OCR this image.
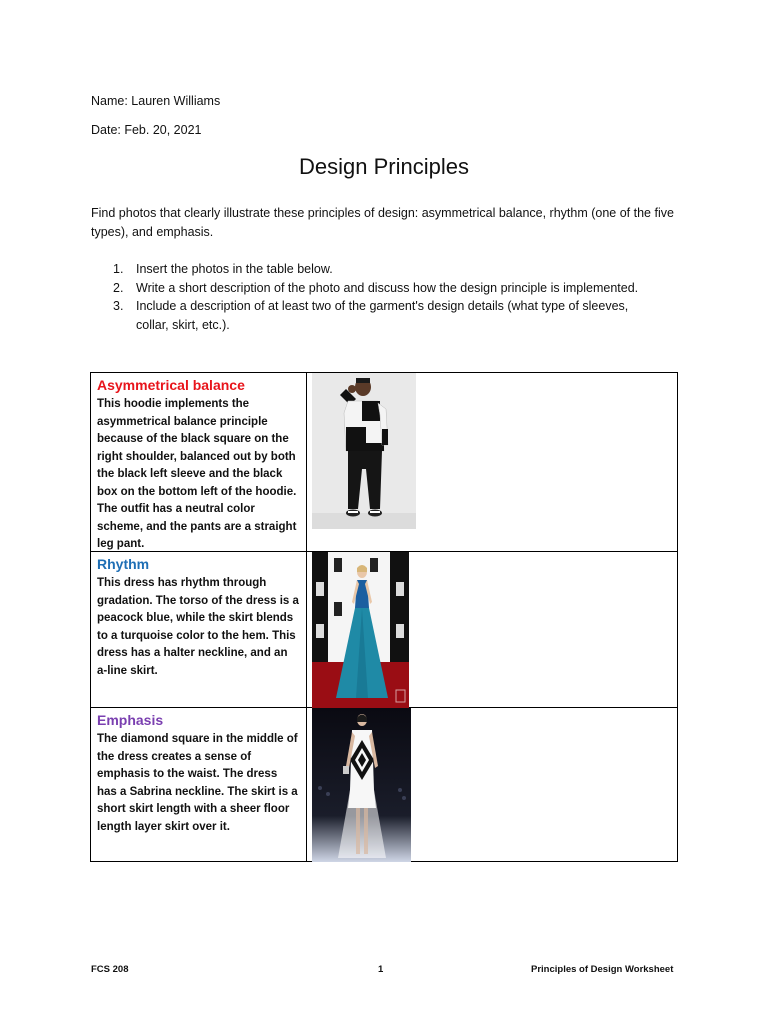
Name: Lauren Williams
Date: Feb. 20, 2021
Design Principles
Find photos that clearly illustrate these principles of design: asymmetrical balance, rhythm (one of the five types), and emphasis.
1. Insert the photos in the table below.
2. Write a short description of the photo and discuss how the design principle is implemented.
3. Include a description of at least two of the garment's design details (what type of sleeves, collar, skirt, etc.).
Asymmetrical balance
This hoodie implements the asymmetrical balance principle because of the black square on the right shoulder, balanced out by both the black left sleeve and the black box on the bottom left of the hoodie. The outfit has a neutral color scheme, and the pants are a straight leg pant.
Rhythm
This dress has rhythm through gradation. The torso of the dress is a peacock blue, while the skirt blends to a turquoise color to the hem. This dress has a halter neckline, and an a-line skirt.
Emphasis
The diamond square in the middle of the dress creates a sense of emphasis to the waist. The dress has a Sabrina neckline. The skirt is a short skirt length with a sheer floor length layer skirt over it.
FCS 208	1	Principles of Design Worksheet
